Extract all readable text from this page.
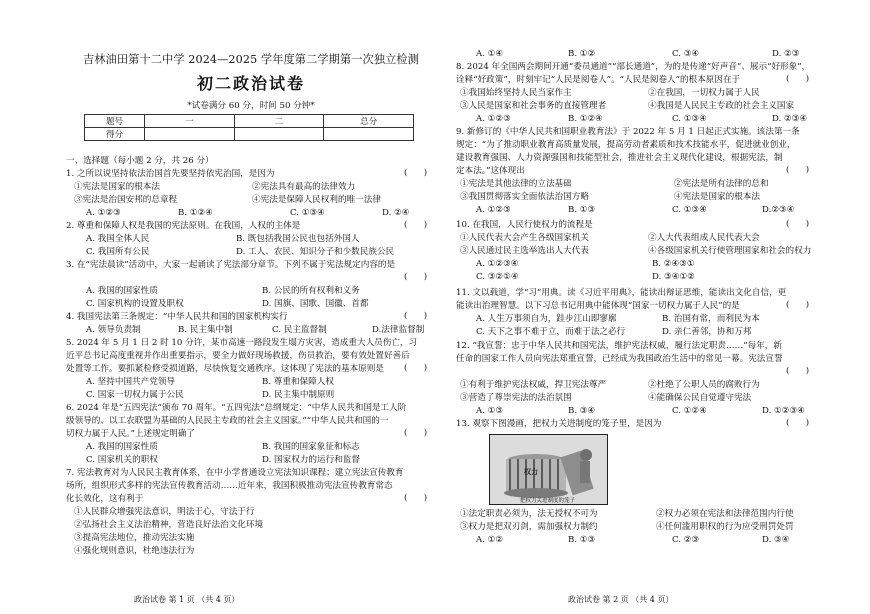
吉林油田第十二中学 2024—2025 学年度第二学期第一次独立检测
初二政治试卷
*试卷满分 60 分，时间 50 分钟*
题号	一	二	总分
得分			
一、选择题（每小题 2 分，共 26 分）
1. 之所以说坚持依法治国首先要坚持依宪治国，是因为	(      )
①宪法是国家的根本法	②宪法具有最高的法律效力
③宪法是治国安邦的总章程	④宪法是保障人民权利的唯一法律
A. ①②③	B. ①②④	C. ①③④	D. ②④
2. 尊重和保障人权是我国的宪法原则。在我国，人权的主体是	(      )
A. 我国全体人民	B. 既包括我国公民也包括外国人
C. 我国所有公民	D. 工人、农民、知识分子和少数民族公民
3. 在“宪法晨读”活动中，大家一起诵读了宪法部分章节。下列不属于宪法规定内容的是
(      )
A. 我国的国家性质	B. 公民的所有权利和义务
C. 国家机构的设置及职权	D. 国旗、国歌、国徽、首都
4. 我国宪法第三条规定：“中华人民共和国的国家机构实行	(      )
A. 领导负责制	B. 民主集中制	C. 民主监督制	D.法律监督制
5. 2024 年 5 月 1 日 2 时 10 分许，某市高速一路段发生塌方灾害，造成重大人员伤亡，习
近平总书记高度重视并作出重要指示，要全力做好现场救援，伤员救治，要有效处置好善后
处置等工作。要抓紧检修受损道路，尽快恢复交通秩序。这体现了宪法的基本原则是 (      )
A. 坚持中国共产党领导	B. 尊重和保障人权
C. 国家一切权力属于公民	D. 民主集中制原则
6. 2024 年是“五四宪法”颁布 70 周年。“五四宪法”总纲规定：“中华人民共和国是工人阶
级领导的、以工农联盟为基础的人民民主专政的社会主义国家。”“中华人民共和国的一
切权力属于人民。”上述规定明确了	(      )
A. 我国的国家性质	B. 我国的国家象征和标志
C. 国家机关的职权	D. 国家权力的运行和监督
7. 宪法教育对为人民民主教育体系，在中小学普通设立宪法知识课程；建立宪法宣传教育
场所，组织形式多样的宪法宣传教育活动……近年来，我国积极推动宪法宣传教育常态
化长效化，这有利于	(      )
①人民群众增强宪法意识，明法于心，守法于行
②弘扬社会主义法治精神，营造良好法治文化环境
③提高宪法地位，推动宪法实施
④强化规则意识，杜绝违法行为
政治试卷 第 1 页 （共 4 页）
A. ①④	B. ①②	C. ③④	D. ②③
8. 2024 年全国两会期间开通“委员通道”“部长通道”，为的是传递“好声音”、展示“好形象”，
诠释“好政策”，时刻牢记“人民是阅卷人”。“人民是阅卷人”的根本原因在于	(      )
①我国始终坚持人民当家作主	②在我国，一切权力属于人民
③人民是国家和社会事务的直接管理者	④我国是人民民主专政的社会主义国家
A. ①②③	B. ①②④	C. ①③④	D. ②③④
9. 新修订的《中华人民共和国职业教育法》于 2022 年 5 月 1 日起正式实施。该法第一条
规定：“为了推动职业教育高质量发展，提高劳动者素质和技术技能水平，促进就业创业，
建设教育强国、人力资源强国和技能型社会，推进社会主义现代化建设，根据宪法，制
定本法。”这体现出	(      )
①宪法是其他法律的立法基础	②宪法是所有法律的总和
③我国贯彻落实全面依法治国方略	④宪法是国家的根本法
A. ①②③	B. ①③	C. ①③④	D.②③④
10. 在我国，人民行使权力的流程是	(      )
①人民代表大会产生各级国家机关	②人大代表组成人民代表大会
③人民通过民主选举选出人大代表	④各级国家机关行使管理国家和社会的权力
A. ①②③④	B. ②④③①
C. ③②①④	D. ③④①②
11. 文以载道，学“习”用典。读《习近平用典》，能读出辩证思维，能读出文化自信，更
能读出治理智慧。以下习总书记用典中能体现“国家一切权力属于人民”的是	(      )
A. 人生万事须自为，跬步江山即寥廓	B. 治国有常，而利民为本
C. 天下之事不难于立，而难于法之必行	D. 亲仁善邻，协和万邦
12. “我宣誓：忠于中华人民共和国宪法，维护宪法权威，履行法定职责……”每年，新
任命的国家工作人员向宪法郑重宣誓，已经成为我国政治生活中的常见一幕。宪法宣誓
(      )
①有利于维护宪法权威，捍卫宪法尊严	②杜绝了公职人员的腐败行为
③营造了尊崇宪法的法治氛围	④能确保公民自觉遵守宪法
A. ①③	B. ③④	C. ①②④	D. ①②③④
13. 观察下图漫画，把权力关进制度的笼子里，是因为	(      )
权力
把权力关进制度的笼子
①法定职责必须为，法无授权不可为	②权力必须在宪法和法律范围内行使
③权力是把双刃剑，需加强权力制约	④任何滥用职权的行为应受刑罚处罚
A. ①②	B. ①③	C. ②③	D. ③④
政治试卷 第 2 页 （共 4 页）
